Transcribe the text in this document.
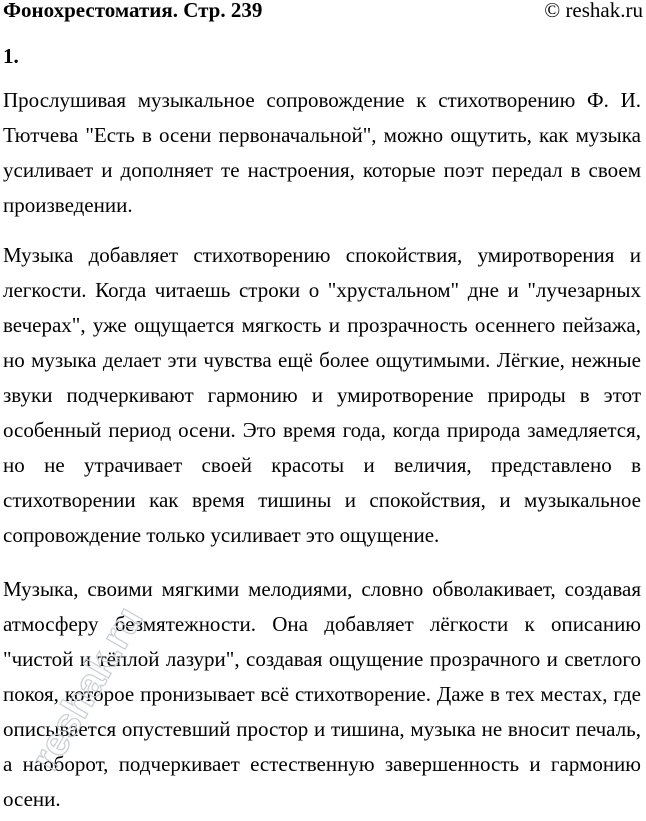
Фонохрестоматия. Стр. 239	© reshak.ru
1.

Прослушивая музыкальное сопровождение к стихотворению Ф. И. Тютчева "Есть в осени первоначальной", можно ощутить, как музыка усиливает и дополняет те настроения, которые поэт передал в своем произведении.

Музыка добавляет стихотворению спокойствия, умиротворения и легкости. Когда читаешь строки о "хрустальном" дне и "лучезарных вечерах", уже ощущается мягкость и прозрачность осеннего пейзажа, но музыка делает эти чувства ещё более ощутимыми. Лёгкие, нежные звуки подчеркивают гармонию и умиротворение природы в этот особенный период осени. Это время года, когда природа замедляется, но не утрачивает своей красоты и величия, представлено в стихотворении как время тишины и спокойствия, и музыкальное сопровождение только усиливает это ощущение.

Музыка, своими мягкими мелодиями, словно обволакивает, создавая атмосферу безмятежности. Она добавляет лёгкости к описанию "чистой и тёплой лазури", создавая ощущение прозрачного и светлого покоя, которое пронизывает всё стихотворение. Даже в тех местах, где описывается опустевший простор и тишина, музыка не вносит печаль, а наоборот, подчеркивает естественную завершенность и гармонию осени.

reshak.ru
